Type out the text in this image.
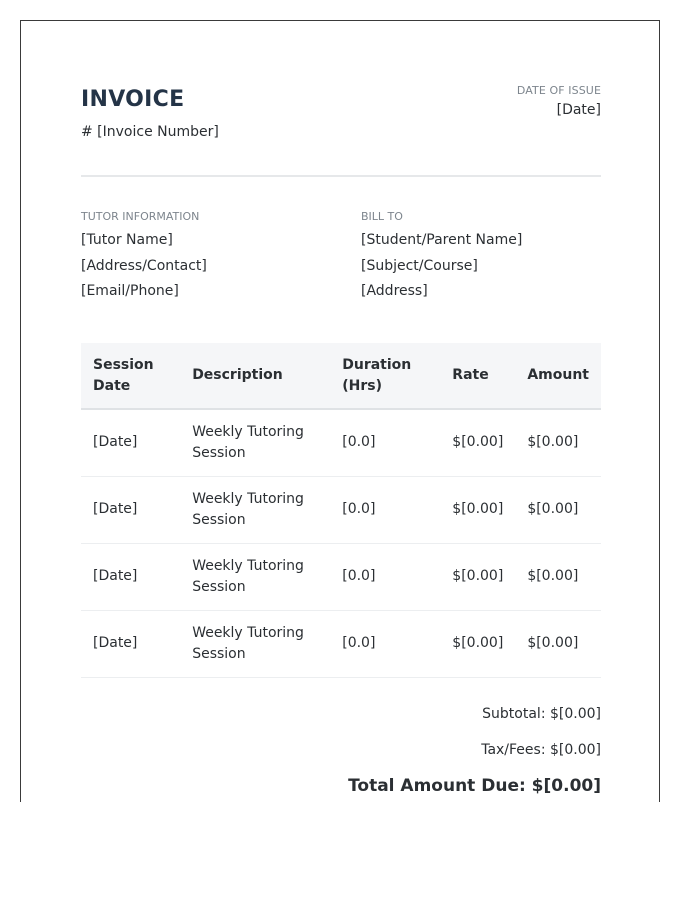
INVOICE
# [Invoice Number]
DATE OF ISSUE
[Date]
TUTOR INFORMATION
[Tutor Name]
[Address/Contact]
[Email/Phone]
BILL TO
[Student/Parent Name]
[Subject/Course]
[Address]
Session Date	Description	Duration (Hrs)	Rate	Amount
[Date]	Weekly Tutoring Session	[0.0]	$[0.00]	$[0.00]
[Date]	Weekly Tutoring Session	[0.0]	$[0.00]	$[0.00]
[Date]	Weekly Tutoring Session	[0.0]	$[0.00]	$[0.00]
[Date]	Weekly Tutoring Session	[0.0]	$[0.00]	$[0.00]
Subtotal: $[0.00]
Tax/Fees: $[0.00]
Total Amount Due: $[0.00]
